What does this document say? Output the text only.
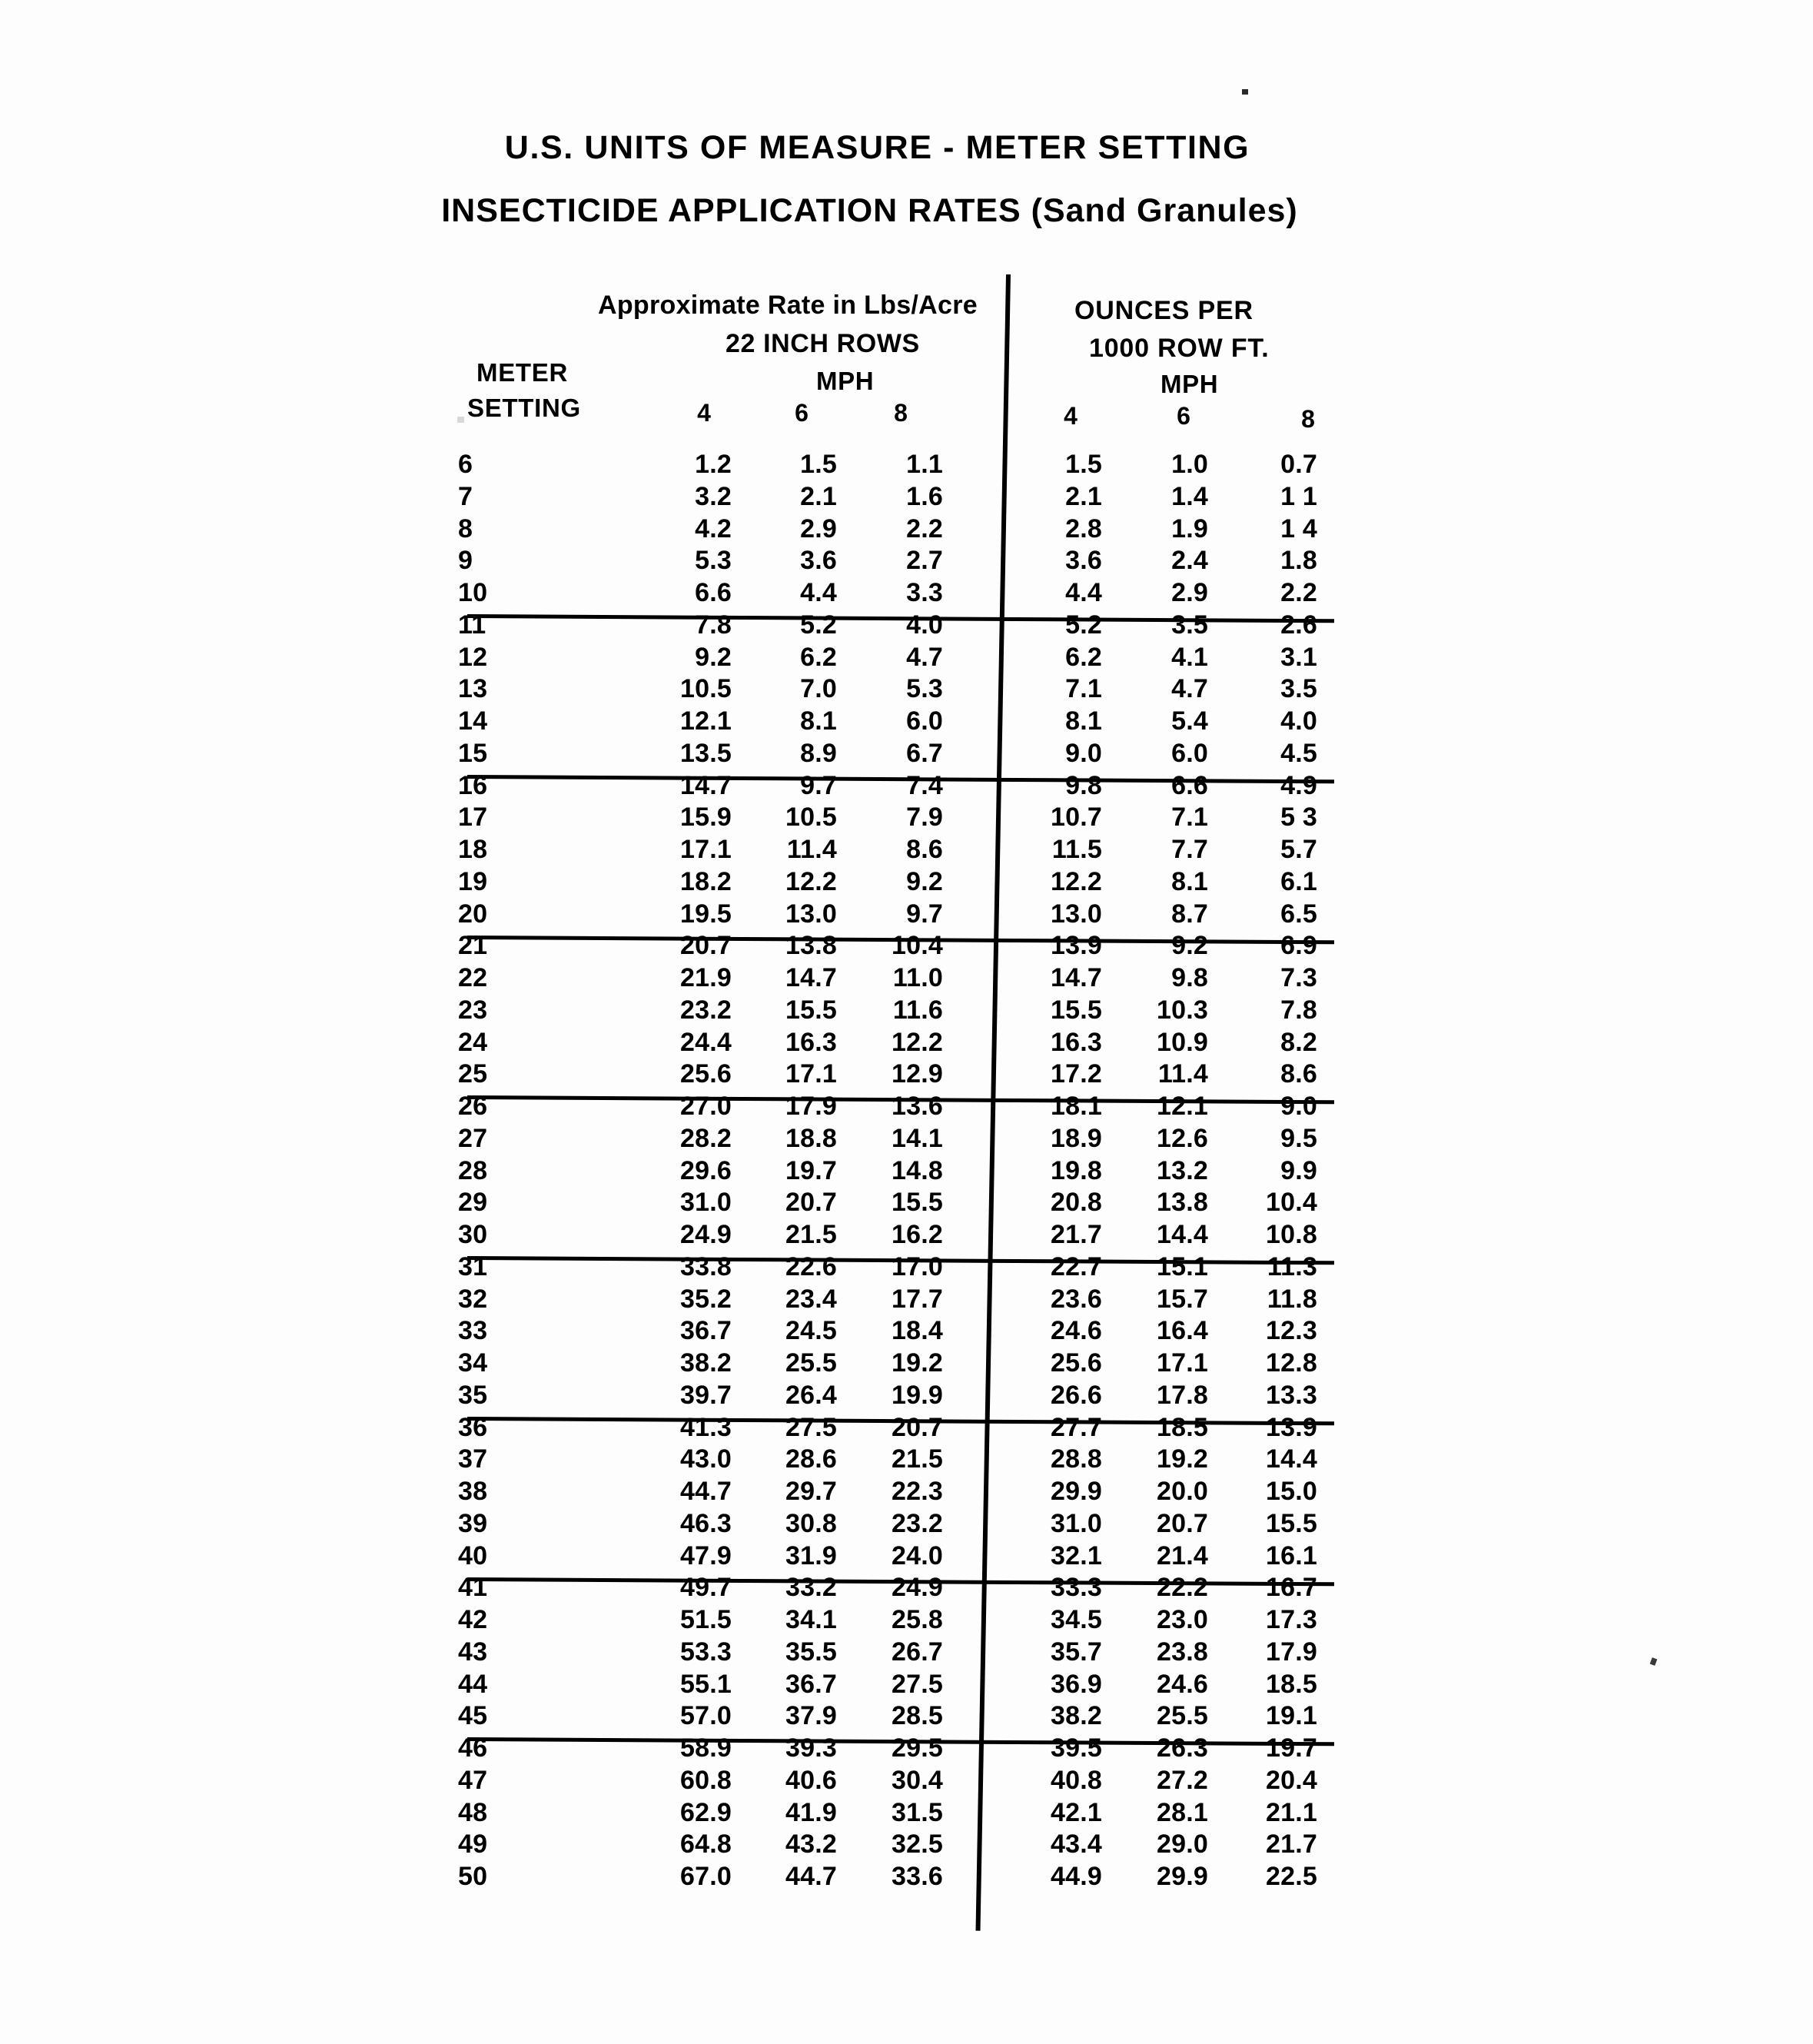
U.S. UNITS OF MEASURE - METER SETTING
INSECTICIDE APPLICATION RATES (Sand Granules)
Approximate Rate in Lbs/Acre
22 INCH ROWS
MPH
OUNCES PER
1000 ROW FT.
MPH
METER
SETTING	4	6	8	4	6	8
6	1.2	1.5	1.1	1.5	1.0	0.7
7	3.2	2.1	1.6	2.1	1.4	1 1
8	4.2	2.9	2.2	2.8	1.9	1 4
9	5.3	3.6	2.7	3.6	2.4	1.8
10	6.6	4.4	3.3	4.4	2.9	2.2
11	7.8	5.2	4.0	5.2	3.5	2.6
12	9.2	6.2	4.7	6.2	4.1	3.1
13	10.5	7.0	5.3	7.1	4.7	3.5
14	12.1	8.1	6.0	8.1	5.4	4.0
15	13.5	8.9	6.7	9.0	6.0	4.5
16	14.7	9.7	7.4	9.8	6.6	4.9
17	15.9	10.5	7.9	10.7	7.1	5 3
18	17.1	11.4	8.6	11.5	7.7	5.7
19	18.2	12.2	9.2	12.2	8.1	6.1
20	19.5	13.0	9.7	13.0	8.7	6.5
21	20.7	13.8	10.4	13.9	9.2	6.9
22	21.9	14.7	11.0	14.7	9.8	7.3
23	23.2	15.5	11.6	15.5	10.3	7.8
24	24.4	16.3	12.2	16.3	10.9	8.2
25	25.6	17.1	12.9	17.2	11.4	8.6
26	27.0	17.9	13.6	18.1	12.1	9.0
27	28.2	18.8	14.1	18.9	12.6	9.5
28	29.6	19.7	14.8	19.8	13.2	9.9
29	31.0	20.7	15.5	20.8	13.8	10.4
30	24.9	21.5	16.2	21.7	14.4	10.8
31	33.8	22.6	17.0	22.7	15.1	11.3
32	35.2	23.4	17.7	23.6	15.7	11.8
33	36.7	24.5	18.4	24.6	16.4	12.3
34	38.2	25.5	19.2	25.6	17.1	12.8
35	39.7	26.4	19.9	26.6	17.8	13.3
36	41.3	27.5	20.7	27.7	18.5	13.9
37	43.0	28.6	21.5	28.8	19.2	14.4
38	44.7	29.7	22.3	29.9	20.0	15.0
39	46.3	30.8	23.2	31.0	20.7	15.5
40	47.9	31.9	24.0	32.1	21.4	16.1
41	49.7	33.2	24.9	33.3	22.2	16.7
42	51.5	34.1	25.8	34.5	23.0	17.3
43	53.3	35.5	26.7	35.7	23.8	17.9
44	55.1	36.7	27.5	36.9	24.6	18.5
45	57.0	37.9	28.5	38.2	25.5	19.1
46	58.9	39.3	29.5	39.5	26.3	19.7
47	60.8	40.6	30.4	40.8	27.2	20.4
48	62.9	41.9	31.5	42.1	28.1	21.1
49	64.8	43.2	32.5	43.4	29.0	21.7
50	67.0	44.7	33.6	44.9	29.9	22.5
